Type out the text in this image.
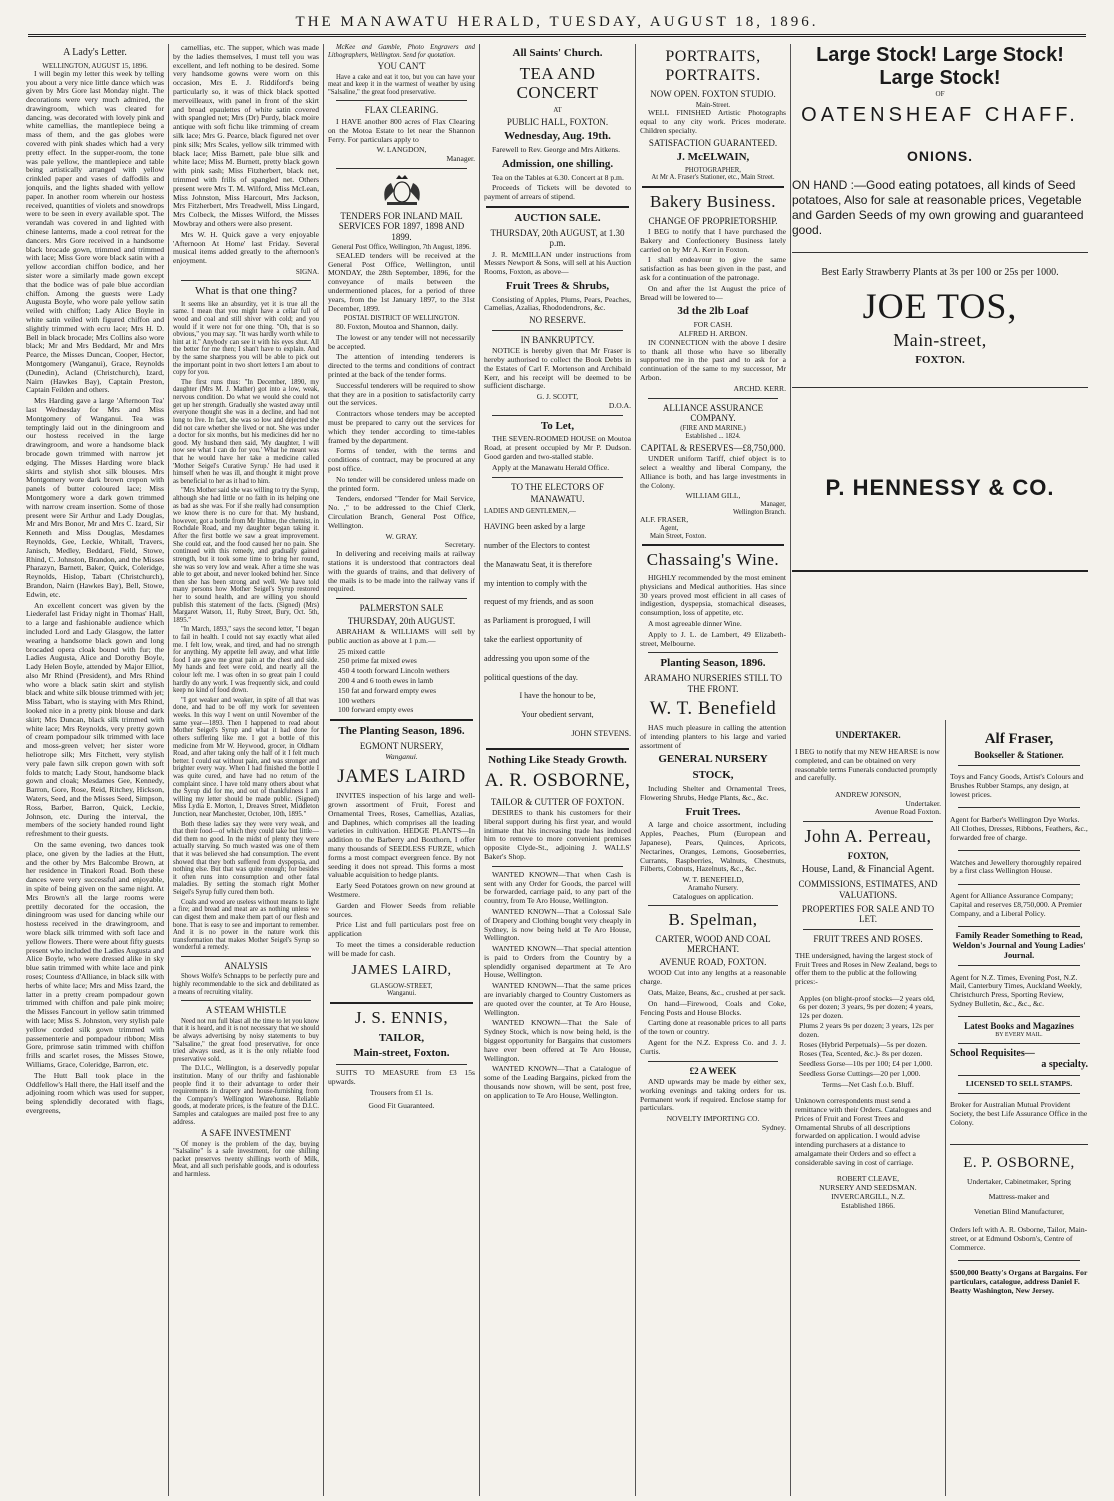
THE MANAWATU HERALD, TUESDAY, AUGUST 18, 1896.
A Lady's Letter.
WELLINGTON, AUGUST 15, 1896.

I will begin my letter this week by telling you about a very nice little dance which was given by Mrs Gore last Monday night. The decorations were very much admired, the drawingroom, which was cleared for dancing, was decorated with lovely pink and white camellias, the mantlepiece being a mass of them, and the gas globes were covered with pink shades which had a very pretty effect. In the supper-room, the tone was pale yellow, the mantlepiece and table being artistically arranged with yellow crinkled paper and vases of daffodils and jonquils, and the lights shaded with yellow paper. In another room wherein our hostess received, quantities of violets and snowdrops were to be seen in every available spot. The verandah was covered in and lighted with chinese lanterns, made a cool retreat for the dancers. Mrs Gore received in a handsome black brocade gown, trimmed and trimmed with lace; Miss Gore wore black satin with a yellow accordian chiffon bodice, and her sister wore a similarly made gown except that the bodice was of pale blue accordian chiffon. Among the guests were Lady Augusta Boyle, who wore pale yellow satin veiled with chiffon; Lady Alice Boyle in white satin veiled with figured chiffon and slightly trimmed with ecru lace; Mrs H. D. Bell in black brocade; Mrs Collins also wore black; Mr and Mrs Beddard, Mr and Mrs Pearce, the Misses Duncan, Cooper, Hector, Montgomery (Wanganui), Grace, Reynolds (Dunedin), Acland (Christchurch), Izard, Nairn (Hawkes Bay), Captain Preston, Captain Feilden and others.

Mrs Harding gave a large 'Afternoon Tea' last Wednesday for Mrs and Miss Montgomery of Wanganui. Tea was temptingly laid out in the diningroom and our hostess received in the large drawingroom, and wore a handsome black brocade gown trimmed with narrow jet edging. The Misses Harding wore black skirts and stylish shot silk blouses. Mrs Montgomery wore dark brown crepon with panels of butter coloured lace; Miss Montgomery wore a dark gown trimmed with narrow cream insertion. Some of those present were Sir Arthur and Lady Douglas, Mr and Mrs Bonor, Mr and Mrs C. Izard, Sir Kenneth and Miss Douglas, Mesdames Reynolds, Gee, Leckie, Whitall, Travers, Janisch, Medley, Beddard, Field, Stowe, Rhind, C. Johnston, Brandon, and the Misses Pharazyn, Barnett, Baker, Quick, Coleridge, Reynolds, Hislop, Tabart (Christchurch), Brandon, Nairn (Hawkes Bay), Bell, Stowe, Edwin, etc.

An excellent concert was given by the Liederafel last Friday night in Thomas' Hall, to a large and fashionable audience which included Lord and Lady Glasgow, the latter wearing a handsome black gown and long brocaded opera cloak bound with fur; the Ladies Augusta, Alice and Dorothy Boyle, Lady Helen Boyle, attended by Major Elliot, also Mr Rhind (President), and Mrs Rhind who wore a black satin skirt and stylish black and white silk blouse trimmed with jet; Miss Tabart, who is staying with Mrs Rhind, looked nice in a pretty pink blouse and dark skirt; Mrs Duncan, black silk trimmed with white lace; Mrs Reynolds, very pretty gown of cream pompadour silk trimmed with lace and moss-green velvet; her sister wore heliotrope silk; Mrs Fitchett, very stylish very pale fawn silk crepon gown with soft folds to match; Lady Stout, handsome black gown and cloak; Mesdames Gee, Kennedy, Barron, Gore, Rose, Reid, Ritchey, Hickson, Waters, Seed, and the Misses Seed, Simpson, Ross, Barber, Barron, Quick, Leckie, Johnson, etc. During the interval, the members of the society handed round light refreshment to their guests.

On the same evening, two dances took place, one given by the ladies at the Hutt, and the other by Mrs Balcombe Brown, at her residence in Tinakori Road. Both these dances were very successful and enjoyable, in spite of being given on the same night. At Mrs Brown's all the large rooms were prettily decorated for the occasion, the diningroom was used for dancing while our hostess received in the drawingroom, and wore black silk trimmed with soft lace and yellow flowers. There were about fifty guests present who included the Ladies Augusta and Alice Boyle, who were dressed alike in sky blue satin trimmed with white lace and pink roses; Countess d'Alliance, in black silk with herbs of white lace; Mrs and Miss Izard, the latter in a pretty cream pompadour gown trimmed with chiffon and pale pink moire; the Misses Fancourt in yellow satin trimmed with lace; Miss S. Johnston, very stylish pale yellow corded silk gown trimmed with passementerie and pompadour ribbon; Miss Gore, primrose satin trimmed with chiffon frills and scarlet roses, the Misses Stowe, Williams, Grace, Coleridge, Barron, etc.

The Hutt Ball took place in the Oddfellow's Hall there, the Hall itself and the adjoining room which was used for supper, being splendidly decorated with flags, evergreens,

camellias, etc. The supper, which was made by the ladies themselves, I must tell you was excellent, and left nothing to be desired. Some very handsome gowns were worn on this occasion, Mrs E. J. Riddiford's being particularly so, it was of thick black spotted merveilleaux, with panel in front of the skirt and broad epaulettes of white satin covered with spangled net; Mrs (Dr) Purdy, black moire antique with soft fichu like trimming of cream silk lace; Mrs G. Pearce, black figured net over pink silk; Mrs Scales, yellow silk trimmed with black lace; Miss Barnett, pale blue silk and white lace; Miss M. Burnett, pretty black gown with pink sash; Miss Fitzherbert, black net, trimmed with frills of spangled net. Others present were Mrs T. M. Wilford, Miss McLean, Miss Johnston, Miss Harcourt, Mrs Jackson, Mrs Fitzherbert, Mrs Treadwell, Miss Lingard, Mrs Colbeck, the Misses Wilford, the Misses Mowbray and others were also present.

Mrs W. H. Quick gave a very enjoyable 'Afternoon At Home' last Friday. Several musical items added greatly to the afternoon's enjoyment.

SIGNA.
What is that one thing?

It seems like an absurdity, yet it is true all the same. I mean that you might have a cellar full of wood and coal and still shiver with cold; and you would if it were not for one thing. "Oh, that is so obvious," you may say. "It was hardly worth while to hint at it." Anybody can see it with his eyes shut. All the better for me then; I shan't have to explain. And by the same sharpness you will be able to pick out the important point in two short letters I am about to copy for you.

The first runs thus: "In December, 1890, my daughter (Mrs M. J. Mather) got into a low, weak, nervous condition. Do what we would she could not get up her strength. Gradually she wasted away until everyone thought she was in a decline, and had not long to live. In fact, she was so low and dejected she did not care whether she lived or not. She was under a doctor for six months, but his medicines did her no good. My husband then said, 'My daughter, I will now see what I can do for you.' What he meant was that he would have her take a medicine called 'Mother Seigel's Curative Syrup.' He had used it himself when he was ill, and thought it might prove as beneficial to her as it had to him.

"Mrs Mother said she was willing to try the Syrup, although she had little or no faith in its helping one as bad as she was. For if she really had consumption we know there is no cure for that. My husband, however, got a bottle from Mr Hulme, the chemist, in Rochdale Road, and my daughter began taking it. After the first bottle we saw a great improvement. She could eat, and the food caused her no pain. She continued with this remedy, and gradually gained strength, but it took some time to bring her round, she was so very low and weak. After a time she was able to get about, and never looked behind her. Since then she has been strong and well. We have told many persons how Mother Seigel's Syrup restored her to sound health, and are willing you should publish this statement of the facts. (Signed) (Mrs) Margaret Watson, 11, Ruby Street, Bury, Oct. 5th, 1895."

"In March, 1893," says the second letter, "I began to fail in health. I could not say exactly what ailed me. I felt low, weak, and tired, and had no strength for anything. My appetite fell away, and what little food I ate gave me great pain at the chest and side. My hands and feet were cold, and nearly all the colour left me. I was often in so great pain I could hardly do any work. I was frequently sick, and could keep no kind of food down.

"I got weaker and weaker, in spite of all that was done, and had to be off my work for seventeen weeks. In this way I went on until November of the same year—1893. Then I happened to read about Mother Seigel's Syrup and what it had done for others suffering like me. I got a bottle of this medicine from Mr W. Heywood, grocer, in Oldham Road, and after taking only the half of it I felt much better. I could eat without pain, and was stronger and brighter every way. When I had finished the bottle I was quite cured, and have had no return of the complaint since. I have told many others about what the Syrup did for me, and out of thankfulness I am willing my letter should be made public. (Signed) Miss Lydia E. Morton, 1, Dreaves Street, Middleton Junction, near Manchester, October, 10th, 1895."

Both these ladies say they were very weak, and that their food—of which they could take but little—did them no good. In the midst of plenty they were actually starving. So much wasted was one of them that it was believed she had consumption. The event showed that they both suffered from dyspepsia, and nothing else. But that was quite enough; for besides it often runs into consumption and other fatal maladies. By setting the stomach right Mother Seigel's Syrup fully cured them both.

Coals and wood are useless without means to light a fire; and bread and meat are as nothing unless we can digest them and make them part of our flesh and bone. That is easy to see and important to remember. And it is no power in the nature work this transformation that makes Mother Seigel's Syrup so wonderful a remedy.

ANALYSIS

Shows Wolfe's Schnapps to be perfectly pure and highly recommendable to the sick and debilitated as a means of recruiting vitality.

A STEAM WHISTLE

Need not run full blast all the time to let you know that it is heard, and it is not necessary that we should be always advertising by noisy statements to buy "Salsaline," the great food preservative, for once tried always used, as it is the only reliable food preservative sold.

The D.I.C., Wellington, is a deservedly popular institution. Many of our thrifty and fashionable people find it to their advantage to order their requirements in drapery and house-furnishing from the Company's Wellington Warehouse. Reliable goods, at moderate prices, is the feature of the D.I.C. Samples and catalogues are mailed post free to any address.

A SAFE INVESTMENT

Of money is the problem of the day, buying "Salsaline" is a safe investment, for one shilling packet preserves twenty shillings worth of Milk, Meat, and all such perishable goods, and is odourless and harmless.

McKee and Gamble, Photo Engravers and Lithographers, Wellington. Send for quotation.

YOU CAN'T

Have a cake and eat it too, but you can have your meat and keep it in the warmest of weather by using "Salsaline," the great food preservative.

FLAX CLEARING.

I HAVE another 800 acres of Flax Clearing on the Motoa Estate to let near the Shannon Ferry. For particulars apply to

W. LANGDON,
Manager.
TENDERS FOR INLAND MAIL SERVICES FOR 1897, 1898 AND 1899.
General Post Office, Wellington, 7th August, 1896.

SEALED tenders will be received at the General Post Office, Wellington, until MONDAY, the 28th September, 1896, for the conveyance of mails between the undermentioned places, for a period of three years, from the 1st January 1897, to the 31st December, 1899.

POSTAL DISTRICT OF WELLINGTON.

80. Foxton, Moutoa and Shannon, daily.

The lowest or any tender will not necessarily be accepted.

The attention of intending tenderers is directed to the terms and conditions of contract printed at the back of the tender forms.

Successful tenderers will be required to show that they are in a position to satisfactorily carry out the services.

Contractors whose tenders may be accepted must be prepared to carry out the services for which they tender according to time-tables framed by the department.

Forms of tender, with the terms and conditions of contract, may be procured at any post office.

No tender will be considered unless made on the printed form.

Tenders, endorsed "Tender for Mail Service, No. ," to be addressed to the Chief Clerk, Circulation Branch, General Post Office, Wellington.

W. GRAY.
Secretary.

In delivering and receiving mails at railway stations it is understood that contractors deal with the guards of trains, and that delivery of the mails is to be made into the railway vans if required.

PALMERSTON SALE
THURSDAY, 20th AUGUST.

ABRAHAM & WILLIAMS will sell by public auction as above at 1 p.m.—

25 mixed cattle
250 prime fat mixed ewes
450 4 tooth forward Lincoln wethers
200 4 and 6 tooth ewes in lamb
150 fat and forward empty ewes
100 wethers
100 forward empty ewes
The Planting Season, 1896.
EGMONT NURSERY,
Wanganui.
JAMES LAIRD

INVITES inspection of his large and well-grown assortment of Fruit, Forest and Ornamental Trees, Roses, Camellias, Azalias, and Daphnes, which comprises all the leading varieties in cultivation. HEDGE PLANTS—In addition to the Barberry and Boxthorn, I offer many thousands of SEEDLESS FURZE, which forms a most compact evergreen fence. By not seeding it does not spread. This forms a most valuable acquisition to hedge plants.

Early Seed Potatoes grown on new ground at Westmere.

Garden and Flower Seeds from reliable sources.

Price List and full particulars post free on application

To meet the times a considerable reduction will be made for cash.

JAMES LAIRD,
GLASGOW-STREET,
Wanganui.
J. S. ENNIS,
TAILOR,
Main-street, Foxton.

SUITS TO MEASURE from £3 15s upwards.

Trousers from £1 1s.
Good Fit Guaranteed.
All Saints' Church.
TEA AND CONCERT
AT
PUBLIC HALL, FOXTON.
Wednesday, Aug. 19th.

Farewell to Rev. George and Mrs Aitkens.

Admission, one shilling.

Tea on the Tables at 6.30. Concert at 8 p.m.

Proceeds of Tickets will be devoted to payment of arrears of stipend.

AUCTION SALE.
THURSDAY, 20th AUGUST, at 1.30 p.m.

J. R. McMILLAN under instructions from Messrs Newport & Sons, will sell at his Auction Rooms, Foxton, as above—

Fruit Trees & Shrubs,

Consisting of Apples, Plums, Pears, Peaches, Camelias, Azalias, Rhododendrons, &c.

NO RESERVE.
IN BANKRUPTCY.

NOTICE is hereby given that Mr Fraser is hereby authorised to collect the Book Debts in the Estates of Carl F. Mortenson and Archibald Kerr, and his receipt will be deemed to be sufficient discharge.

G. J. SCOTT,
D.O.A.
To Let,

THE SEVEN-ROOMED HOUSE on Moutoa Road, at present occupied by Mr P. Dudson. Good garden and two-stalled stable.

Apply at the Manawatu Herald Office.

TO THE ELECTORS OF
MANAWATU.
LADIES AND GENTLEMEN,—
HAVING been asked by a large
number of the Electors to contest
the Manawatu Seat, it is therefore
my intention to comply with the
request of my friends, and as soon
as Parliament is prorogued, I will
take the earliest opportunity of
addressing you upon some of the
political questions of the day.
I have the honour to be,
Your obedient servant,
JOHN STEVENS.
Nothing Like Steady Growth.
A. R. OSBORNE,
TAILOR & CUTTER OF FOXTON.

DESIRES to thank his customers for their liberal support during his first year, and would intimate that his increasing trade has induced him to remove to more convenient premises opposite Clyde-St., adjoining J. WALLS' Baker's Shop.

WANTED KNOWN—That when Cash is sent with any Order for Goods, the parcel will be forwarded, carriage paid, to any part of the country, from Te Aro House, Wellington.

WANTED KNOWN—That a Colossal Sale of Drapery and Clothing bought very cheaply in Sydney, is now being held at Te Aro House, Wellington.

WANTED KNOWN—That special attention is paid to Orders from the Country by a splendidly organised department at Te Aro House, Wellington.

WANTED KNOWN—That the same prices are invariably charged to Country Customers as are quoted over the counter, at Te Aro House, Wellington.

WANTED KNOWN—That the Sale of Sydney Stock, which is now being held, is the biggest opportunity for Bargains that customers have ever been offered at Te Aro House, Wellington.

WANTED KNOWN—That a Catalogue of some of the Leading Bargains, picked from the thousands now shown, will be sent, post free, on application to Te Aro House, Wellington.

PORTRAITS, PORTRAITS.
NOW OPEN. FOXTON STUDIO.
Main-Street.

WELL FINISHED Artistic Photographs equal to any city work. Prices moderate. Children specialty.

SATISFACTION GUARANTEED.
J. McELWAIN,
PHOTOGRAPHER,
At Mr A. Fraser's Stationer, etc., Main Street.
Bakery Business.
CHANGE OF PROPRIETORSHIP.

I BEG to notify that I have purchased the Bakery and Confectionery Business lately carried on by Mr A. Kerr in Foxton.

I shall endeavour to give the same satisfaction as has been given in the past, and ask for a continuation of the patronage.

On and after the 1st August the price of Bread will be lowered to—

3d the 2lb Loaf
FOR CASH.
ALFRED H. ARBON.

IN CONNECTION with the above I desire to thank all those who have so liberally supported me in the past and to ask for a continuation of the same to my successor, Mr Arbon.

ARCHD. KERR.
ALLIANCE ASSURANCE COMPANY.
(FIRE AND MARINE.)
Established ... 1824.
CAPITAL & RESERVES—£8,750,000.

UNDER uniform Tariff, chief object is to select a wealthy and liberal Company, the Alliance is both, and has large investments in the Colony.

WILLIAM GILL,
Manager,
Wellington Branch.
ALF. FRASER,
Agent,
Main Street, Foxton.
Chassaing's Wine.

HIGHLY recommended by the most eminent physicians and Medical authorities. Has since 30 years proved most efficient in all cases of indigestion, dyspepsia, stomachical diseases, consumption, loss of appetite, etc.

A most agreeable dinner Wine.

Apply to J. L. de Lambert, 49 Elizabeth-street, Melbourne.

Planting Season, 1896.
ARAMAHO NURSERIES STILL TO THE FRONT.
W. T. Benefield

HAS much pleasure in calling the attention of intending planters to his large and varied assortment of

GENERAL NURSERY
STOCK,

Including Shelter and Ornamental Trees, Flowering Shrubs, Hedge Plants, &c., &c.

Fruit Trees.

A large and choice assortment, including Apples, Peaches, Plum (European and Japanese), Pears, Quinces, Apricots, Nectarines, Oranges, Lemons, Gooseberries, Currants, Raspberries, Walnuts, Chestnuts, Filberts, Cobnuts, Hazelnuts, &c., &c.

W. T. BENEFIELD,
Aramaho Nursery.
Catalogues on application.
B. Spelman,
CARTER, WOOD AND COAL MERCHANT.
AVENUE ROAD, FOXTON.

WOOD Cut into any lengths at a reasonable charge.

Oats, Maize, Beans, &c., crushed at per sack.

On hand—Firewood, Coals and Coke, Fencing Posts and House Blocks.

Carting done at reasonable prices to all parts of the town or country.

Agent for the N.Z. Express Co. and J. J. Curtis.

£2 A WEEK

AND upwards may be made by either sex, working evenings and taking orders for us. Permanent work if required. Enclose stamp for particulars.

NOVELTY IMPORTING CO.
Sydney.
Large Stock! Large Stock!
Large Stock!
OF
OATENSHEAF CHAFF.
ONIONS.
ON HAND :—Good eating potatoes, all kinds of Seed potatoes, Also for sale at reasonable prices, Vegetable and Garden Seeds of my own growing and guaranteed good.
Best Early Strawberry Plants at 3s per 100 or 25s per 1000.
JOE TOS,
Main-street,
FOXTON.
P. HENNESSY & CO.
UNDERTAKER.

I BEG to notify that my NEW HEARSE is now completed, and can be obtained on very reasonable terms Funerals conducted promptly and carefully.

ANDREW JONSON,
Undertaker.
Avenue Road Foxton.
John A. Perreau,
FOXTON,
House, Land, & Financial Agent.
COMMISSIONS, ESTIMATES, AND VALUATIONS.
PROPERTIES FOR SALE AND TO LET.
FRUIT TREES AND ROSES.

THE undersigned, having the largest stock of Fruit Trees and Roses in New Zealand, begs to offer them to the public at the following prices:-

Apples (on blight-proof stocks—2 years old, 6s per dozen; 3 years, 9s per dozen; 4 years, 12s per dozen.
Plums 2 years 9s per dozen; 3 years, 12s per dozen.
Roses (Hybrid Perpetuals)—5s per dozen.
Roses (Tea, Scented, &c.)- 8s per dozen.
Seedless Gorse—10s per 100; £4 per 1,000.
Seedless Gorse Cuttings—20 per 1,000.
Terms—Net Cash f.o.b. Bluff.

Unknown correspondents must send a remittance with their Orders. Catalogues and Prices of Fruit and Forest Trees and Ornamental Shrubs of all descriptions forwarded on application. I would advise intending purchasers at a distance to amalgamate their Orders and so effect a considerable saving in cost of carriage.

ROBERT CLEAVE,
NURSERY AND SEEDSMAN.
INVERCARGILL, N.Z.
Established 1866.
Alf Fraser,
Bookseller & Stationer.

Toys and Fancy Goods, Artist's Colours and Brushes Rubber Stamps, any design, at lowest prices.

Agent for Barber's Wellington Dye Works. All Clothes, Dresses, Ribbons, Feathers, &c., forwarded free of charge.

Watches and Jewellery thoroughly repaired by a first class Wellington House.

Agent for Alliance Assurance Company; Capital and reserves £8,750,000. A Premier Company, and a Liberal Policy.

Family Reader Something to Read, Weldon's Journal and Young Ladies' Journal.

Agent for N.Z. Times, Evening Post, N.Z. Mail, Canterbury Times, Auckland Weekly, Christchurch Press, Sporting Review, Sydney Bulletin, &c., &c., &c.

Latest Books and Magazines
BY EVERY MAIL.
School Requisites—
a specialty.
LICENSED TO SELL STAMPS.

Broker for Australian Mutual Provident Society, the best Life Assurance Office in the Colony.

E. P. OSBORNE,
Undertaker, Cabinetmaker, Spring
Mattress-maker and
Venetian Blind Manufacturer,

Orders left with A. R. Osborne, Tailor, Main-street, or at Edmund Osborn's, Centre of Commerce.

$500,000 Beatty's Organs at Bargains. For particulars, catalogue, address Daniel F. Beatty Washington, New Jersey.
